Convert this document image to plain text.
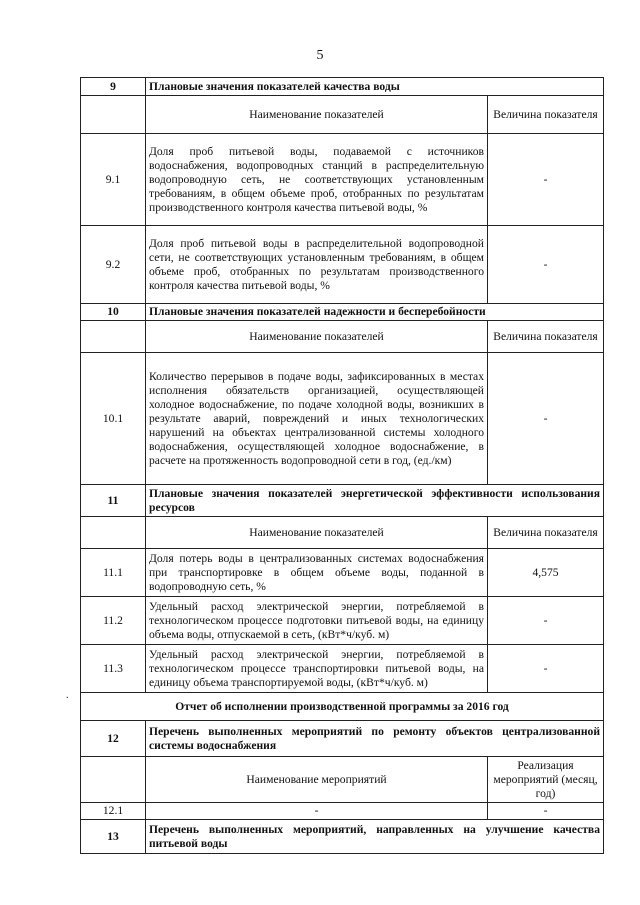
5
.
9	Плановые значения показателей качества воды	
	Наименование показателей	Величина показателя
9.1	Доля проб питьевой воды, подаваемой с источников водоснабжения, водопроводных станций в распределительную водопроводную сеть, не соответствующих установленным требованиям, в общем объеме проб, отобранных по результатам производственного контроля качества питьевой воды, %	-
9.2	Доля проб питьевой воды в распределительной водопроводной сети, не соответствующих установленным требованиям, в общем объеме проб, отобранных по результатам производственного контроля качества питьевой воды, %	-
10	Плановые значения показателей надежности и бесперебойности	
	Наименование показателей	Величина показателя
10.1	Количество перерывов в подаче воды, зафиксированных в местах исполнения обязательств организацией, осуществляющей холодное водоснабжение, по подаче холодной воды, возникших в результате аварий, повреждений и иных технологических нарушений на объектах централизованной системы холодного водоснабжения, осуществляющей холодное водоснабжение, в расчете на протяженность водопроводной сети в год, (ед./км)	-
11	Плановые значения показателей энергетической эффективности использования ресурсов	
	Наименование показателей	Величина показателя
11.1	Доля потерь воды в централизованных системах водоснабжения при транспортировке в общем объеме воды, поданной в водопроводную сеть, %	4,575
11.2	Удельный расход электрической энергии, потребляемой в технологическом процессе подготовки питьевой воды, на единицу объема воды, отпускаемой в сеть, (кВт*ч/куб. м)	-
11.3	Удельный расход электрической энергии, потребляемой в технологическом процессе транспортировки питьевой воды, на единицу объема транспортируемой воды, (кВт*ч/куб. м)	-
Отчет об исполнении производственной программы за 2016 год		
12	Перечень выполненных мероприятий по ремонту объектов централизованной системы водоснабжения	
	Наименование мероприятий	Реализация мероприятий (месяц, год)
12.1	-	-
13	Перечень выполненных мероприятий, направленных на улучшение качества питьевой воды	
